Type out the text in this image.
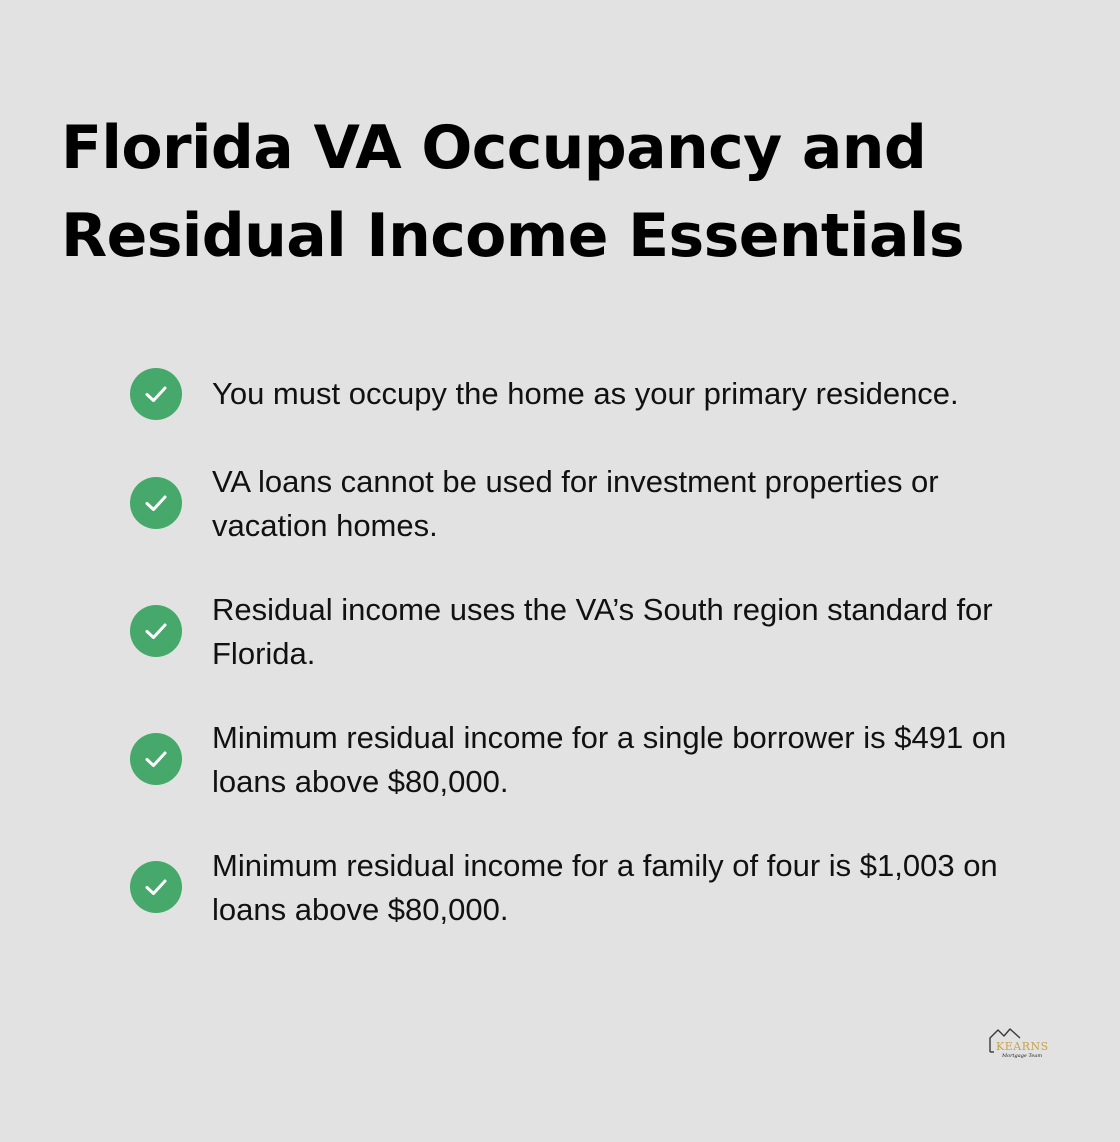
Florida VA Occupancy and
Residual Income Essentials
You must occupy the home as your primary residence.
VA loans cannot be used for investment properties or vacation homes.
Residual income uses the VA’s South region standard for Florida.
Minimum residual income for a single borrower is $491 on loans above $80,000.
Minimum residual income for a family of four is $1,003 on loans above $80,000.
KEARNS
Mortgage Team
